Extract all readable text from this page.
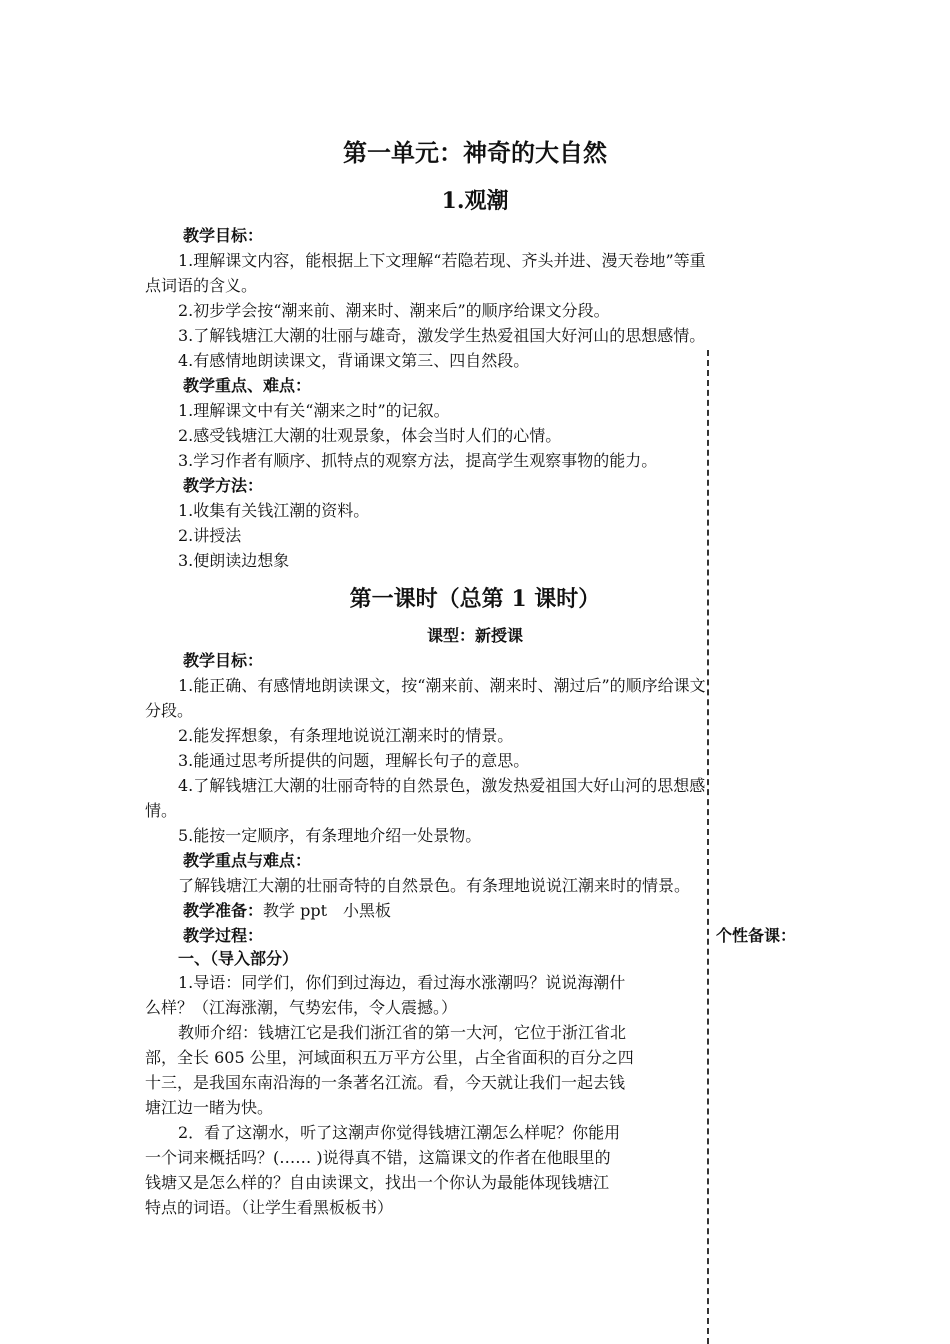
第一单元：神奇的大自然
1.观潮
教学目标：
1.理解课文内容，能根据上下文理解“若隐若现、齐头并进、漫天卷地”等重
点词语的含义。
2.初步学会按“潮来前、潮来时、潮来后”的顺序给课文分段。
3.了解钱塘江大潮的壮丽与雄奇，激发学生热爱祖国大好河山的思想感情。
4.有感情地朗读课文，背诵课文第三、四自然段。
教学重点、难点：
1.理解课文中有关“潮来之时”的记叙。
2.感受钱塘江大潮的壮观景象，体会当时人们的心情。
3.学习作者有顺序、抓特点的观察方法，提高学生观察事物的能力。
教学方法：
1.收集有关钱江潮的资料。
2.讲授法
3.便朗读边想象
第一课时（总第 1 课时）
课型：新授课
教学目标：
1.能正确、有感情地朗读课文，按“潮来前、潮来时、潮过后”的顺序给课文
分段。
2.能发挥想象，有条理地说说江潮来时的情景。
3.能通过思考所提供的问题，理解长句子的意思。
4.了解钱塘江大潮的壮丽奇特的自然景色，激发热爱祖国大好山河的思想感
情。
5.能按一定顺序，有条理地介绍一处景物。
教学重点与难点：
了解钱塘江大潮的壮丽奇特的自然景色。有条理地说说江潮来时的情景。
教学准备：教学 ppt　小黑板
教学过程：	个性备课：
一、（导入部分）
1.导语：同学们，你们到过海边，看过海水涨潮吗？说说海潮什
么样？（江海涨潮，气势宏伟，令人震撼。）
教师介绍：钱塘江它是我们浙江省的第一大河，它位于浙江省北
部，全长 605 公里，河域面积五万平方公里，占全省面积的百分之四
十三，是我国东南沿海的一条著名江流。看，今天就让我们一起去钱
塘江边一睹为快。
2．看了这潮水，听了这潮声你觉得钱塘江潮怎么样呢？你能用
一个词来概括吗？(…… )说得真不错，这篇课文的作者在他眼里的
钱塘又是怎么样的？自由读课文，找出一个你认为最能体现钱塘江
特点的词语。（让学生看黑板板书）
